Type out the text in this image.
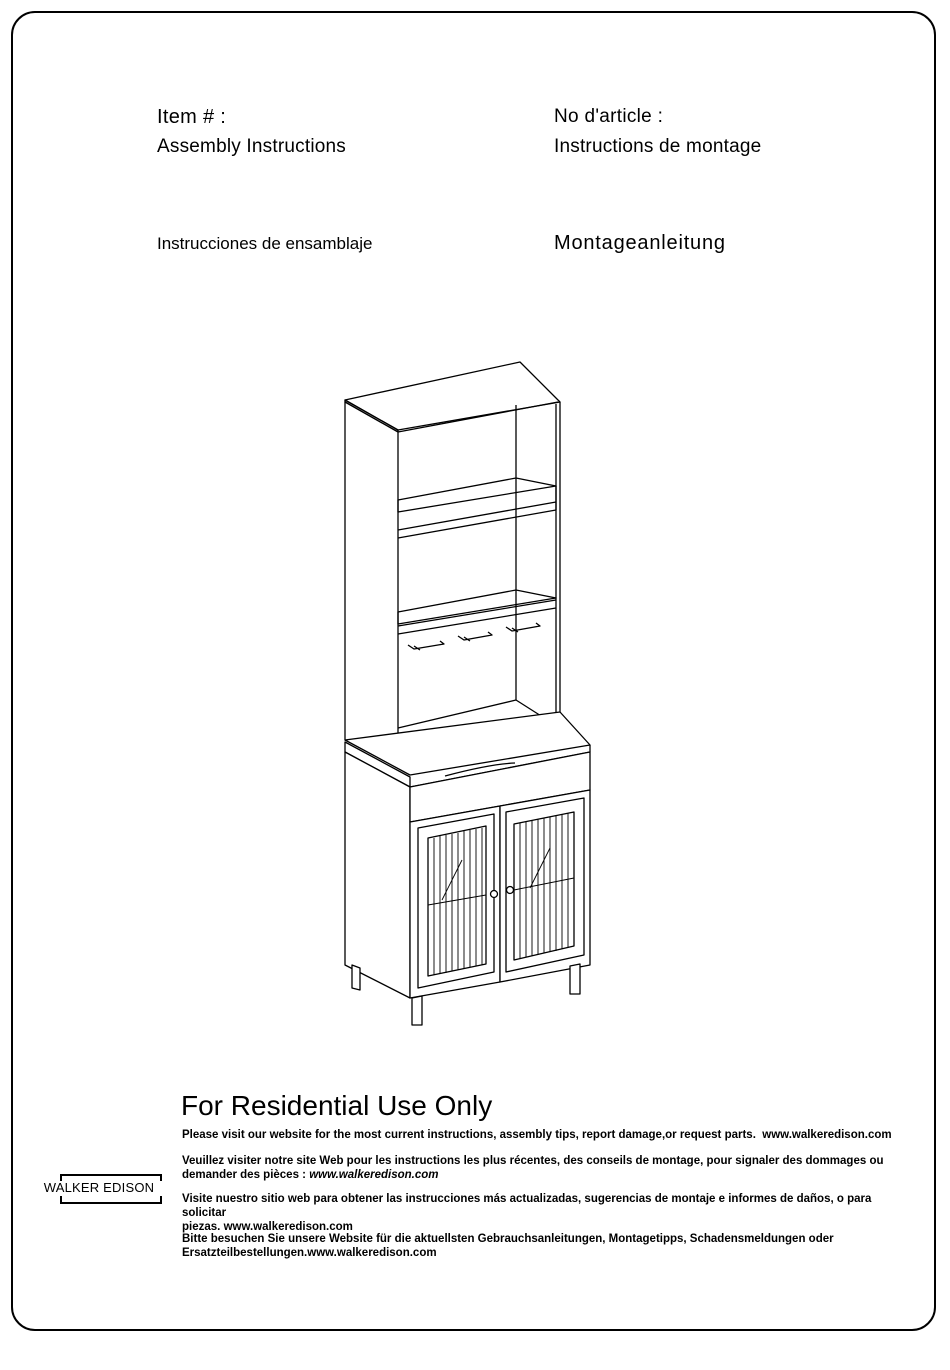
Item # :	No d'article :
Assembly Instructions	Instructions de montage
Instrucciones de ensamblaje	Montageanleitung
For Residential Use Only
Please visit our website for the most current instructions, assembly tips, report damage,or request parts. www.walkeredison.com
Veuillez visiter notre site Web pour les instructions les plus récentes, des conseils de montage, pour signaler des dommages ou
demander des pièces : www.walkeredison.com
Visite nuestro sitio web para obtener las instrucciones más actualizadas, sugerencias de montaje e informes de daños, o para solicitar
piezas. www.walkeredison.com
Bitte besuchen Sie unsere Website für die aktuellsten Gebrauchsanleitungen, Montagetipps, Schadensmeldungen oder
Ersatzteilbestellungen.www.walkeredison.com
WALKER EDISON
